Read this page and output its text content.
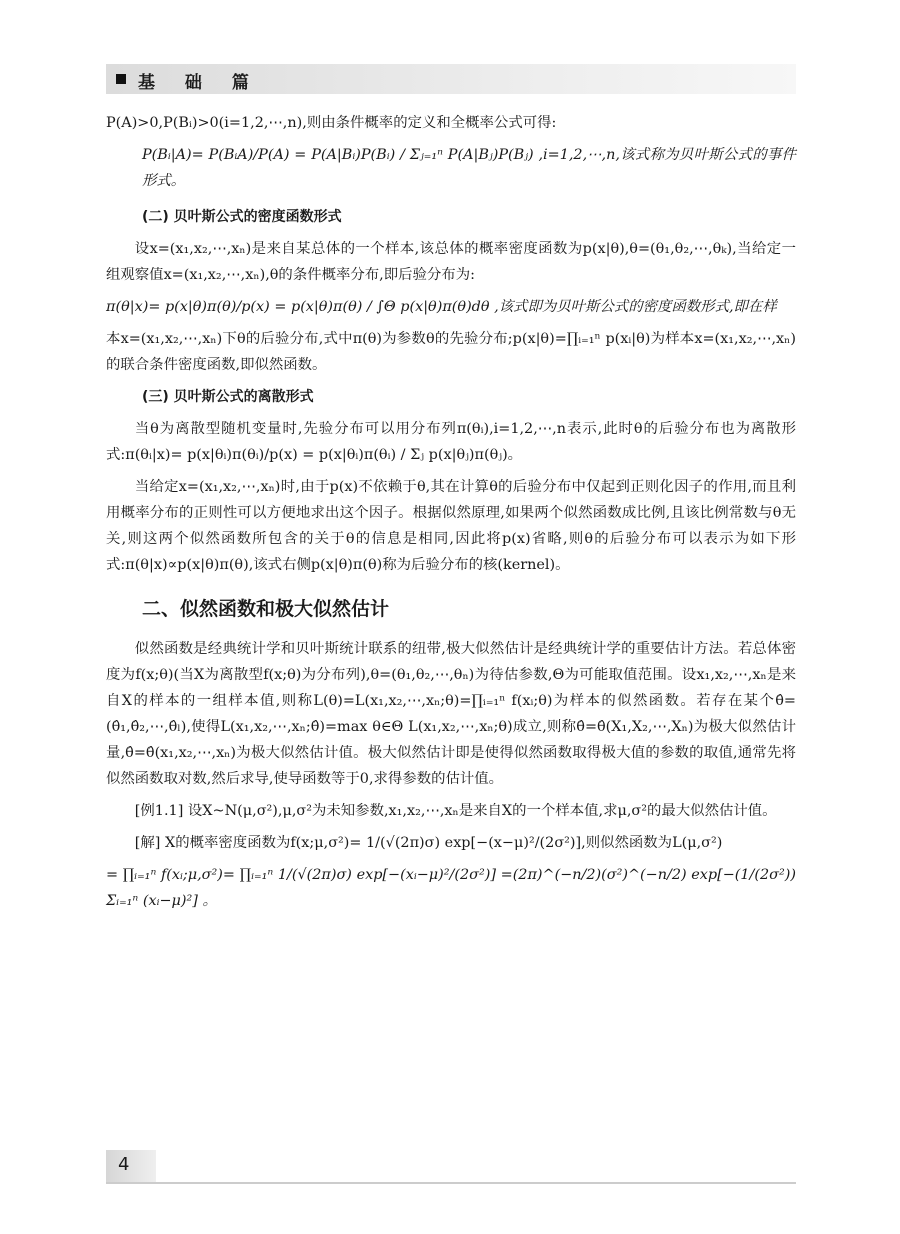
基 础 篇

P(A)>0,P(Bᵢ)>0(i=1,2,⋯,n),则由条件概率的定义和全概率公式可得:

P(Bᵢ|A)= P(BᵢA)/P(A) = P(A|Bᵢ)P(Bᵢ) / Σⱼ₌₁ⁿ P(A|Bⱼ)P(Bⱼ) ,i=1,2,⋯,n,该式称为贝叶斯公式的事件形式。

(二) 贝叶斯公式的密度函数形式

设x=(x₁,x₂,⋯,xₙ)是来自某总体的一个样本,该总体的概率密度函数为p(x|θ),θ=(θ₁,θ₂,⋯,θₖ),当给定一组观察值x=(x₁,x₂,⋯,xₙ),θ的条件概率分布,即后验分布为:

π(θ|x)= p(x|θ)π(θ)/p(x) = p(x|θ)π(θ) / ∫Θ p(x|θ)π(θ)dθ ,该式即为贝叶斯公式的密度函数形式,即在样

本x=(x₁,x₂,⋯,xₙ)下θ的后验分布,式中π(θ)为参数θ的先验分布;p(x|θ)=∏ᵢ₌₁ⁿ p(xᵢ|θ)为样本x=(x₁,x₂,⋯,xₙ)的联合条件密度函数,即似然函数。

(三) 贝叶斯公式的离散形式

当θ为离散型随机变量时,先验分布可以用分布列π(θᵢ),i=1,2,⋯,n表示,此时θ的后验分布也为离散形式:π(θᵢ|x)= p(x|θᵢ)π(θᵢ)/p(x) = p(x|θᵢ)π(θᵢ) / Σⱼ p(x|θⱼ)π(θⱼ)。

当给定x=(x₁,x₂,⋯,xₙ)时,由于p(x)不依赖于θ,其在计算θ的后验分布中仅起到正则化因子的作用,而且利用概率分布的正则性可以方便地求出这个因子。根据似然原理,如果两个似然函数成比例,且该比例常数与θ无关,则这两个似然函数所包含的关于θ的信息是相同,因此将p(x)省略,则θ的后验分布可以表示为如下形式:π(θ|x)∝p(x|θ)π(θ),该式右侧p(x|θ)π(θ)称为后验分布的核(kernel)。

二、似然函数和极大似然估计

似然函数是经典统计学和贝叶斯统计联系的纽带,极大似然估计是经典统计学的重要估计方法。若总体密度为f(x;θ)(当X为离散型f(x;θ)为分布列),θ=(θ₁,θ₂,⋯,θₙ)为待估参数,Θ为可能取值范围。设x₁,x₂,⋯,xₙ是来自X的样本的一组样本值,则称L(θ)=L(x₁,x₂,⋯,xₙ;θ)=∏ᵢ₌₁ⁿ f(xᵢ;θ)为样本的似然函数。若存在某个θ̂=(θ̂₁,θ̂₂,⋯,θ̂ₗ),使得L(x₁,x₂,⋯,xₙ;θ̂)=max θ∈Θ L(x₁,x₂,⋯,xₙ;θ)成立,则称θ̂=θ̂(X₁,X₂,⋯,Xₙ)为极大似然估计量,θ̂=θ̂(x₁,x₂,⋯,xₙ)为极大似然估计值。极大似然估计即是使得似然函数取得极大值的参数的取值,通常先将似然函数取对数,然后求导,使导函数等于0,求得参数的估计值。

[例1.1] 设X~N(μ,σ²),μ,σ²为未知参数,x₁,x₂,⋯,xₙ是来自X的一个样本值,求μ,σ²的最大似然估计值。

[解] X的概率密度函数为f(x;μ,σ²)= 1/(√(2π)σ) exp[−(x−μ)²/(2σ²)],则似然函数为L(μ,σ²)

= ∏ᵢ₌₁ⁿ f(xᵢ;μ,σ²)= ∏ᵢ₌₁ⁿ 1/(√(2π)σ) exp[−(xᵢ−μ)²/(2σ²)] =(2π)^(−n/2)(σ²)^(−n/2) exp[−(1/(2σ²)) Σᵢ₌₁ⁿ (xᵢ−μ)²] 。

4
